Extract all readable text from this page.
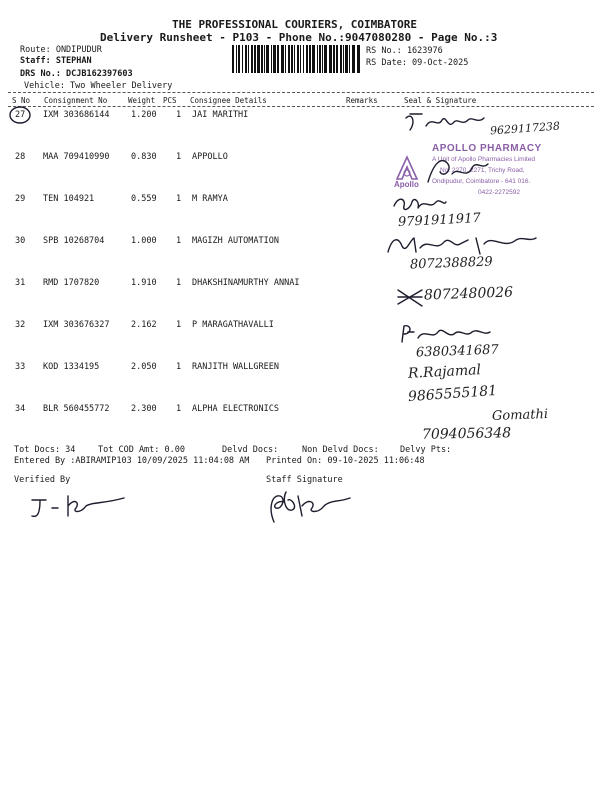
THE PROFESSIONAL COURIERS, COIMBATORE
Delivery Runsheet - P103 - Phone No.:9047080280 - Page No.:3
Route: ONDIPUDUR
Staff: STEPHAN
DRS No.: DCJB162397603
Vehicle: Two Wheeler Delivery
RS No.: 1623976
RS Date: 09-Oct-2025
S No Consignment No	Weight PCS Consignee Details	Remarks	Seal & Signature
27 IXM 303686144	1.200 1 JAI MARITHI
28 MAA 709410990	0.830 1 APPOLLO
29 TEN 104921	0.559 1 M RAMYA
30 SPB 10268704	1.000 1 MAGIZH AUTOMATION
31 RMD 1707820	1.910 1 DHAKSHINAMURTHY ANNAI
32 IXM 303676327	2.162 1 P MARAGATHAVALLI
33 KOD 1334195	2.050 1 RANJITH WALLGREEN
34 BLR 560455772	2.300 1 ALPHA ELECTRONICS
Apollo
APOLLO PHARMACY
A Unit of Apollo Pharmacies Limited
No. 2270, 2271, Trichy Road,
Ondipudur, Coimbatore - 641 016.
0422-2272592
9629117238
9791911917
8072388829
8072480026
6380341687
R.Rajamal
9865555181
Gomathi
7094056348
Tot Docs: 34	Tot COD Amt: 0.00	Delvd Docs:	Non Delvd Docs: Delvy Pts:
Entered By :ABIRAMIP103 10/09/2025 11:04:08 AM Printed On: 09-10-2025 11:06:48
Verified By	Staff Signature
